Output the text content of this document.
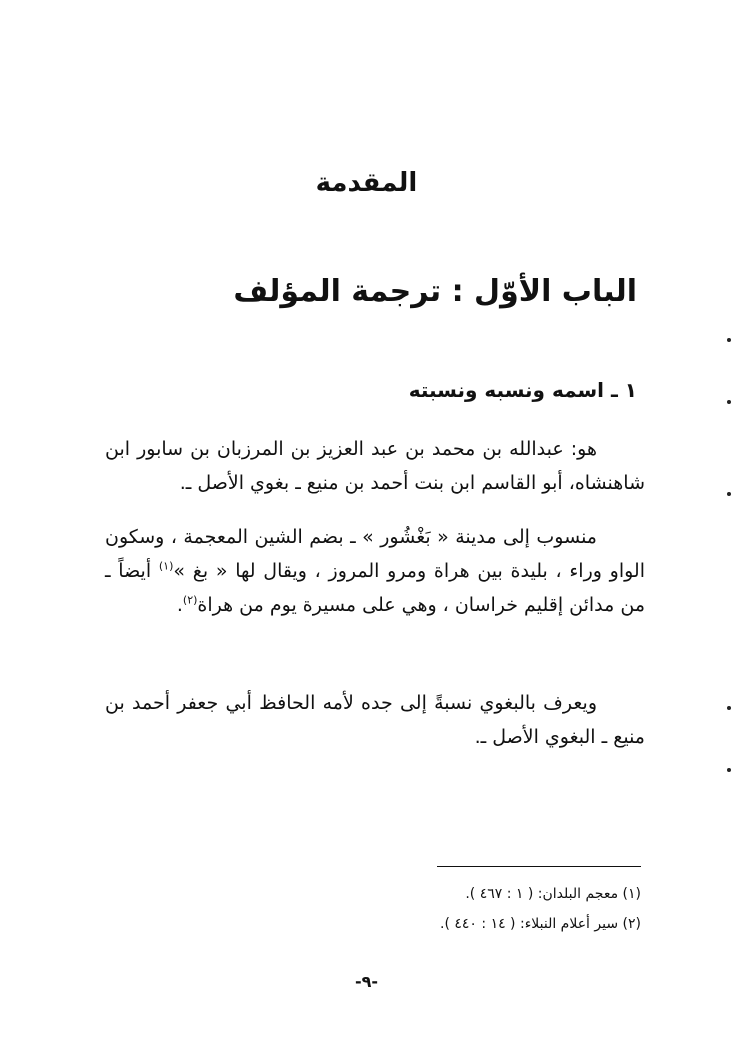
المقدمة
الباب الأوّل : ترجمة المؤلف
١ ـ اسمه ونسبه ونسبته

هو: عبدالله بن محمد بن عبد العزيز بن المرزبان بن سابور ابن شاهنشاه، أبو القاسم ابن بنت أحمد بن منيع ـ بغوي الأصل ـ.

منسوب إلى مدينة « بَغْشُور » ـ بضم الشين المعجمة ، وسكون الواو وراء ، بليدة بين هراة ومرو المروز ، ويقال لها « بغ »$^{(١)}$ أيضاً ـ من مدائن إقليم خراسان ، وهي على مسيرة يوم من هراة$^{(٢)}$.

ويعرف بالبغوي نسبةً إلى جده لأمه الحافظ أبي جعفر أحمد بن منيع ـ البغوي الأصل ـ.

(١) معجم البلدان: ( ١ : ٤٦٧ ).
(٢) سير أعلام النبلاء: ( ١٤ : ٤٤٠ ).
-٩-
